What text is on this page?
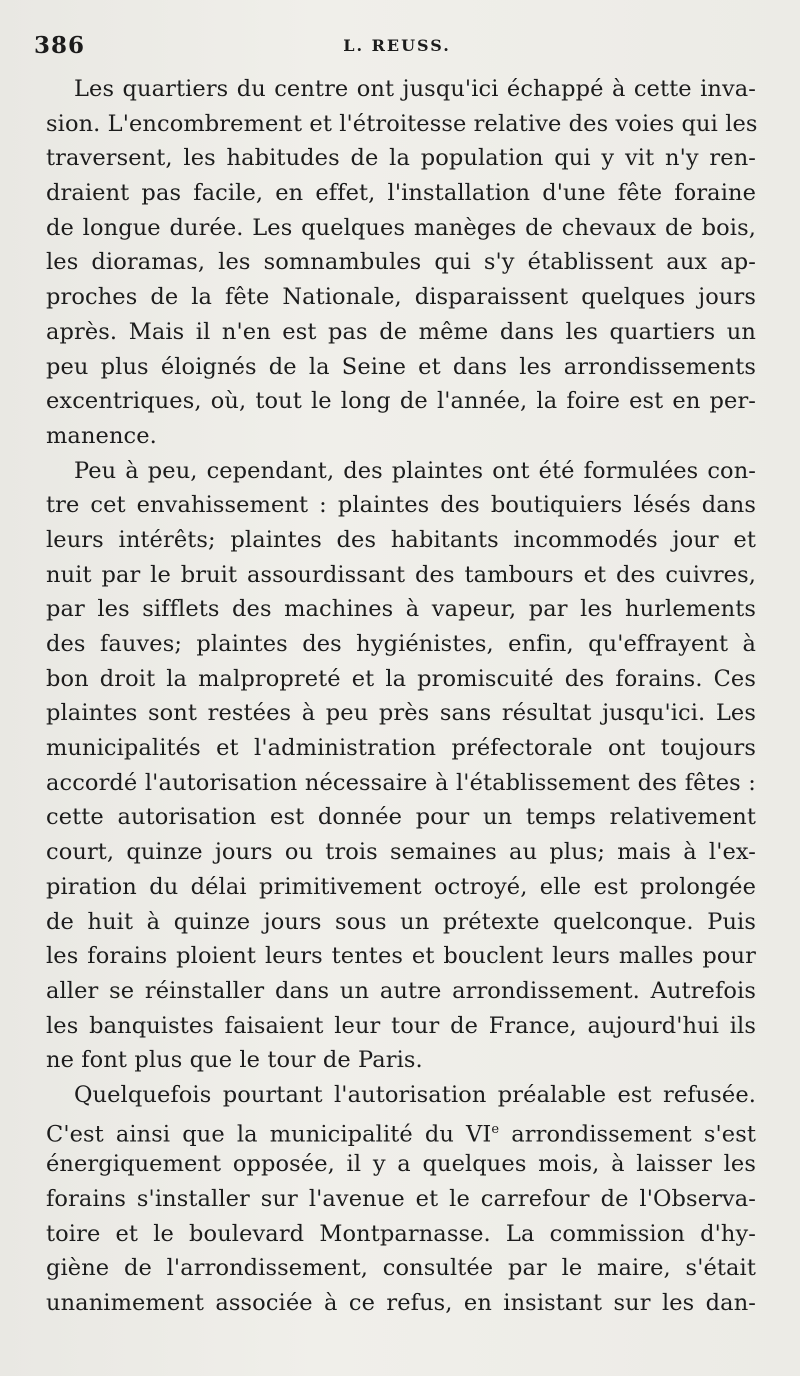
386	L. REUSS.
Les quartiers du centre ont jusqu'ici échappé à cette inva-
sion. L'encombrement et l'étroitesse relative des voies qui les
traversent, les habitudes de la population qui y vit n'y ren-
draient pas facile, en effet, l'installation d'une fête foraine
de longue durée. Les quelques manèges de chevaux de bois,
les dioramas, les somnambules qui s'y établissent aux ap-
proches de la fête Nationale, disparaissent quelques jours
après. Mais il n'en est pas de même dans les quartiers un
peu plus éloignés de la Seine et dans les arrondissements
excentriques, où, tout le long de l'année, la foire est en per-
manence.
Peu à peu, cependant, des plaintes ont été formulées con-
tre cet envahissement : plaintes des boutiquiers lésés dans
leurs intérêts; plaintes des habitants incommodés jour et
nuit par le bruit assourdissant des tambours et des cuivres,
par les sifflets des machines à vapeur, par les hurlements
des fauves; plaintes des hygiénistes, enfin, qu'effrayent à
bon droit la malpropreté et la promiscuité des forains. Ces
plaintes sont restées à peu près sans résultat jusqu'ici. Les
municipalités et l'administration préfectorale ont toujours
accordé l'autorisation nécessaire à l'établissement des fêtes :
cette autorisation est donnée pour un temps relativement
court, quinze jours ou trois semaines au plus; mais à l'ex-
piration du délai primitivement octroyé, elle est prolongée
de huit à quinze jours sous un prétexte quelconque. Puis
les forains ploient leurs tentes et bouclent leurs malles pour
aller se réinstaller dans un autre arrondissement. Autrefois
les banquistes faisaient leur tour de France, aujourd'hui ils
ne font plus que le tour de Paris.
Quelquefois pourtant l'autorisation préalable est refusée.
C'est ainsi que la municipalité du VIe arrondissement s'est
énergiquement opposée, il y a quelques mois, à laisser les
forains s'installer sur l'avenue et le carrefour de l'Observa-
toire et le boulevard Montparnasse. La commission d'hy-
giène de l'arrondissement, consultée par le maire, s'était
unanimement associée à ce refus, en insistant sur les dan-
